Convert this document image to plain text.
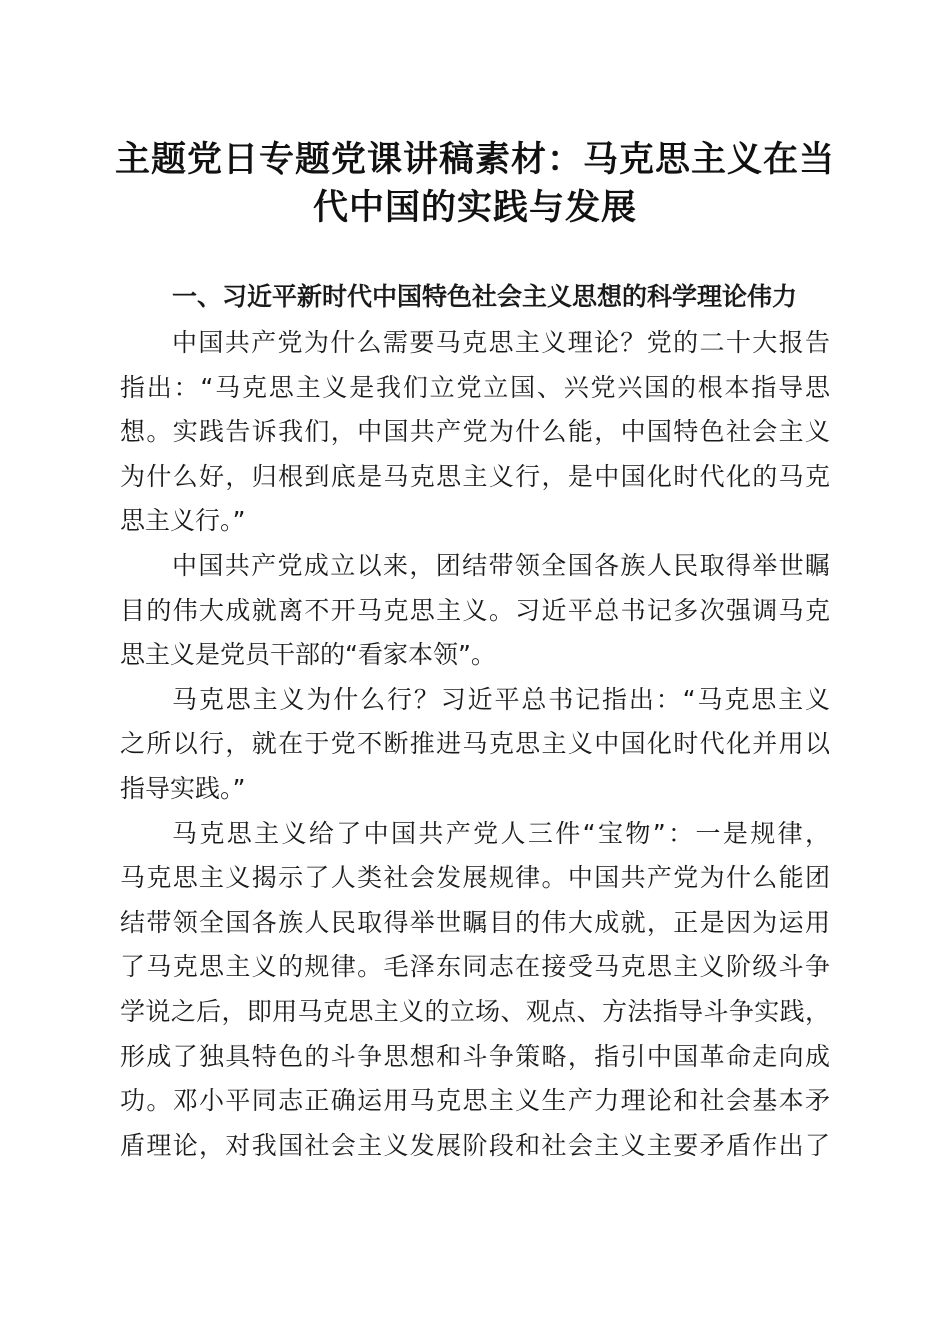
主题党日专题党课讲稿素材：马克思主义在当
代中国的实践与发展
一、习近平新时代中国特色社会主义思想的科学理论伟力
中国共产党为什么需要马克思主义理论？党的二十大报告
指出：“马克思主义是我们立党立国、兴党兴国的根本指导思
想。实践告诉我们，中国共产党为什么能，中国特色社会主义
为什么好，归根到底是马克思主义行，是中国化时代化的马克
思主义行。”
中国共产党成立以来，团结带领全国各族人民取得举世瞩
目的伟大成就离不开马克思主义。习近平总书记多次强调马克
思主义是党员干部的“看家本领”。
马克思主义为什么行？习近平总书记指出：“马克思主义
之所以行，就在于党不断推进马克思主义中国化时代化并用以
指导实践。”
马克思主义给了中国共产党人三件“宝物”：一是规律，
马克思主义揭示了人类社会发展规律。中国共产党为什么能团
结带领全国各族人民取得举世瞩目的伟大成就，正是因为运用
了马克思主义的规律。毛泽东同志在接受马克思主义阶级斗争
学说之后，即用马克思主义的立场、观点、方法指导斗争实践，
形成了独具特色的斗争思想和斗争策略，指引中国革命走向成
功。邓小平同志正确运用马克思主义生产力理论和社会基本矛
盾理论，对我国社会主义发展阶段和社会主义主要矛盾作出了
